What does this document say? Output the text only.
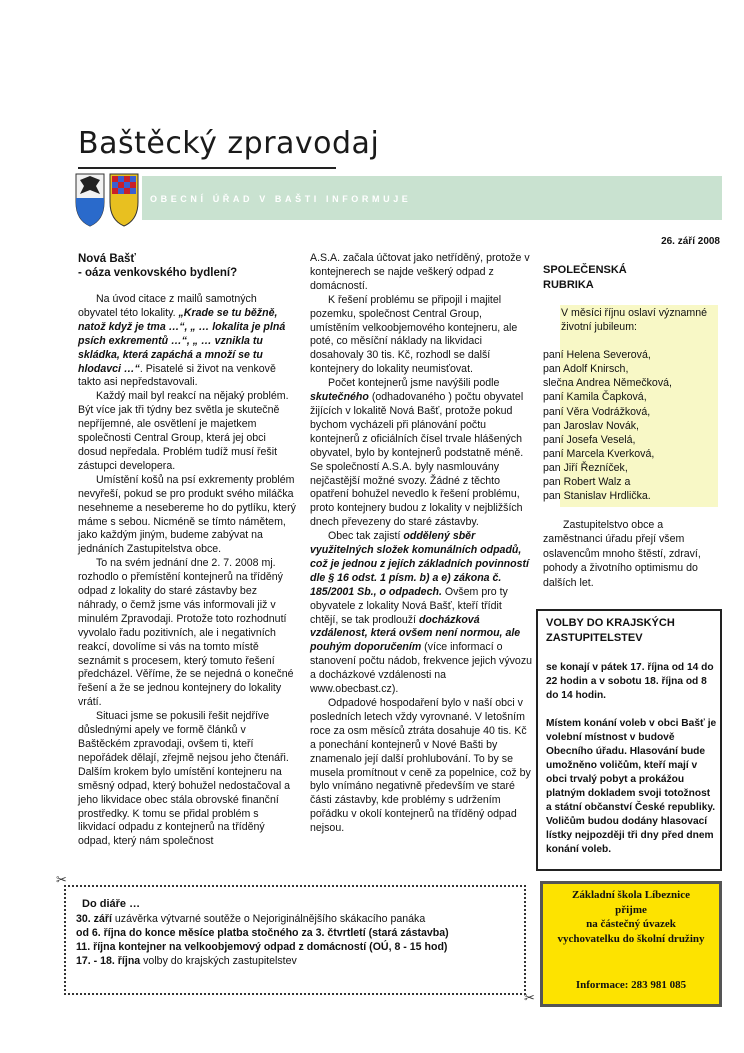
Baštěcký zpravodaj
OBECNÍ ÚŘAD V BAŠTI INFORMUJE
26. září 2008
Nová Bašť
- oáza venkovského bydlení?

Na úvod citace z mailů samotných obyvatel této lokality. „Krade se tu běžně, natož když je tma …“, „ … lokalita je plná psích exkrementů …“, „ … vznikla tu skládka, která zapáchá a množí se tu hlodavci …“. Pisatelé si život na venkově takto asi nepředstavovali.

Každý mail byl reakcí na nějaký problém. Být více jak tři týdny bez světla je skutečně nepříjemné, ale osvětlení je majetkem společnosti Central Group, která jej obci dosud nepředala. Problém tudíž musí řešit zástupci developera.

Umístění košů na psí exkrementy problém nevyřeší, pokud se pro produkt svého miláčka nesehneme a nesebereme ho do pytlíku, který máme s sebou. Nicméně se tímto námětem, jako každým jiným, budeme zabývat na jednáních Zastupitelstva obce.

To na svém jednání dne 2. 7. 2008 mj. rozhodlo o přemístění kontejnerů na tříděný odpad z lokality do staré zástavby bez náhrady, o čemž jsme vás informovali již v minulém Zpravodaji. Protože toto rozhodnutí vyvolalo řadu pozitivních, ale i negativních reakcí, dovolíme si vás na tomto místě seznámit s procesem, který tomuto řešení předcházel. Věříme, že se nejedná o konečné řešení a že se jednou kontejnery do lokality vrátí.

Situaci jsme se pokusili řešit nejdříve důslednými apely ve formě článků v Baštěckém zpravodaji, ovšem ti, kteří nepořádek dělají, zřejmě nejsou jeho čtenáři. Dalším krokem bylo umístění kontejneru na směsný odpad, který bohužel nedostačoval a jeho likvidace obec stála obrovské finanční prostředky. K tomu se přidal problém s likvidací odpadu z kontejnerů na tříděný odpad, který nám společnost

A.S.A. začala účtovat jako netříděný, protože v kontejnerech se najde veškerý odpad z domácností.

K řešení problému se připojil i majitel pozemku, společnost Central Group, umístěním velkoobjemového kontejneru, ale poté, co měsíční náklady na likvidaci dosahovaly 30 tis. Kč, rozhodl se další kontejnery do lokality neumisťovat.

Počet kontejnerů jsme navýšili podle skutečného (odhadovaného ) počtu obyvatel žijících v lokalitě Nová Bašť, protože pokud bychom vycházeli při plánování počtu kontejnerů z oficiálních čísel trvale hlášených obyvatel, bylo by kontejnerů podstatně méně. Se společností A.S.A. byly nasmlouvány nejčastější možné svozy. Žádné z těchto opatření bohužel nevedlo k řešení problému, proto kontejnery budou z lokality v nejbližších dnech převezeny do staré zástavby.

Obec tak zajistí oddělený sběr využitelných složek komunálních odpadů, což je jednou z jejích základních povinností dle § 16 odst. 1 písm. b) a e) zákona č. 185/2001 Sb., o odpadech. Ovšem pro ty obyvatele z lokality Nová Bašť, kteří třídit chtějí, se tak prodlouží docházková vzdálenost, která ovšem není normou, ale pouhým doporučením (více informací o stanovení počtu nádob, frekvence jejich vývozu a docházkové vzdálenosti na www.obecbast.cz).

Odpadové hospodaření bylo v naší obci v posledních letech vždy vyrovnané. V letošním roce za osm měsíců ztráta dosahuje 40 tis. Kč a ponechání kontejnerů v Nové Bašti by znamenalo její další prohlubování. To by se musela promítnout v ceně za popelnice, což by bylo vnímáno negativně především ve staré části zástavby, kde problémy s udržením pořádku v okolí kontejnerů na tříděný odpad nejsou.

SPOLEČENSKÁ
RUBRIKA
V měsíci říjnu oslaví významné životní jubileum:
paní Helena Severová,
pan Adolf Knirsch,
slečna Andrea Němečková,
paní Kamila Čapková,
paní Věra Vodrážková,
pan Jaroslav Novák,
paní Josefa Veselá,
paní Marcela Kverková,
pan Jiří Řezníček,
pan Robert Walz a
pan Stanislav Hrdlička.
Zastupitelstvo obce a zaměstnanci úřadu přejí všem oslavencům mnoho štěstí, zdraví, pohody a životního optimismu do dalších let.
VOLBY DO KRAJSKÝCH
ZASTUPITELSTEV
se konají v pátek 17. října od 14 do 22 hodin a v sobotu 18. října od 8 do 14 hodin.
Místem konání voleb v obci Bašť je volební místnost v budově Obecního úřadu. Hlasování bude umožněno voličům, kteří mají v obci trvalý pobyt a prokážou platným dokladem svoji totožnost a státní občanství České republiky. Voličům budou dodány hlasovací lístky nejpozději tři dny před dnem konání voleb.
✂
✂
Do diáře …
30. září uzávěrka výtvarné soutěže o Nejoriginálnějšího skákacího panáka
od 6. října do konce měsíce platba stočného za 3. čtvrtletí (stará zástavba)
11. října kontejner na velkoobjemový odpad z domácností (OÚ, 8 - 15 hod)
17. - 18. října volby do krajských zastupitelstev
Základní škola Líbeznice
přijme
na částečný úvazek
vychovatelku do školní družiny
Informace: 283 981 085
